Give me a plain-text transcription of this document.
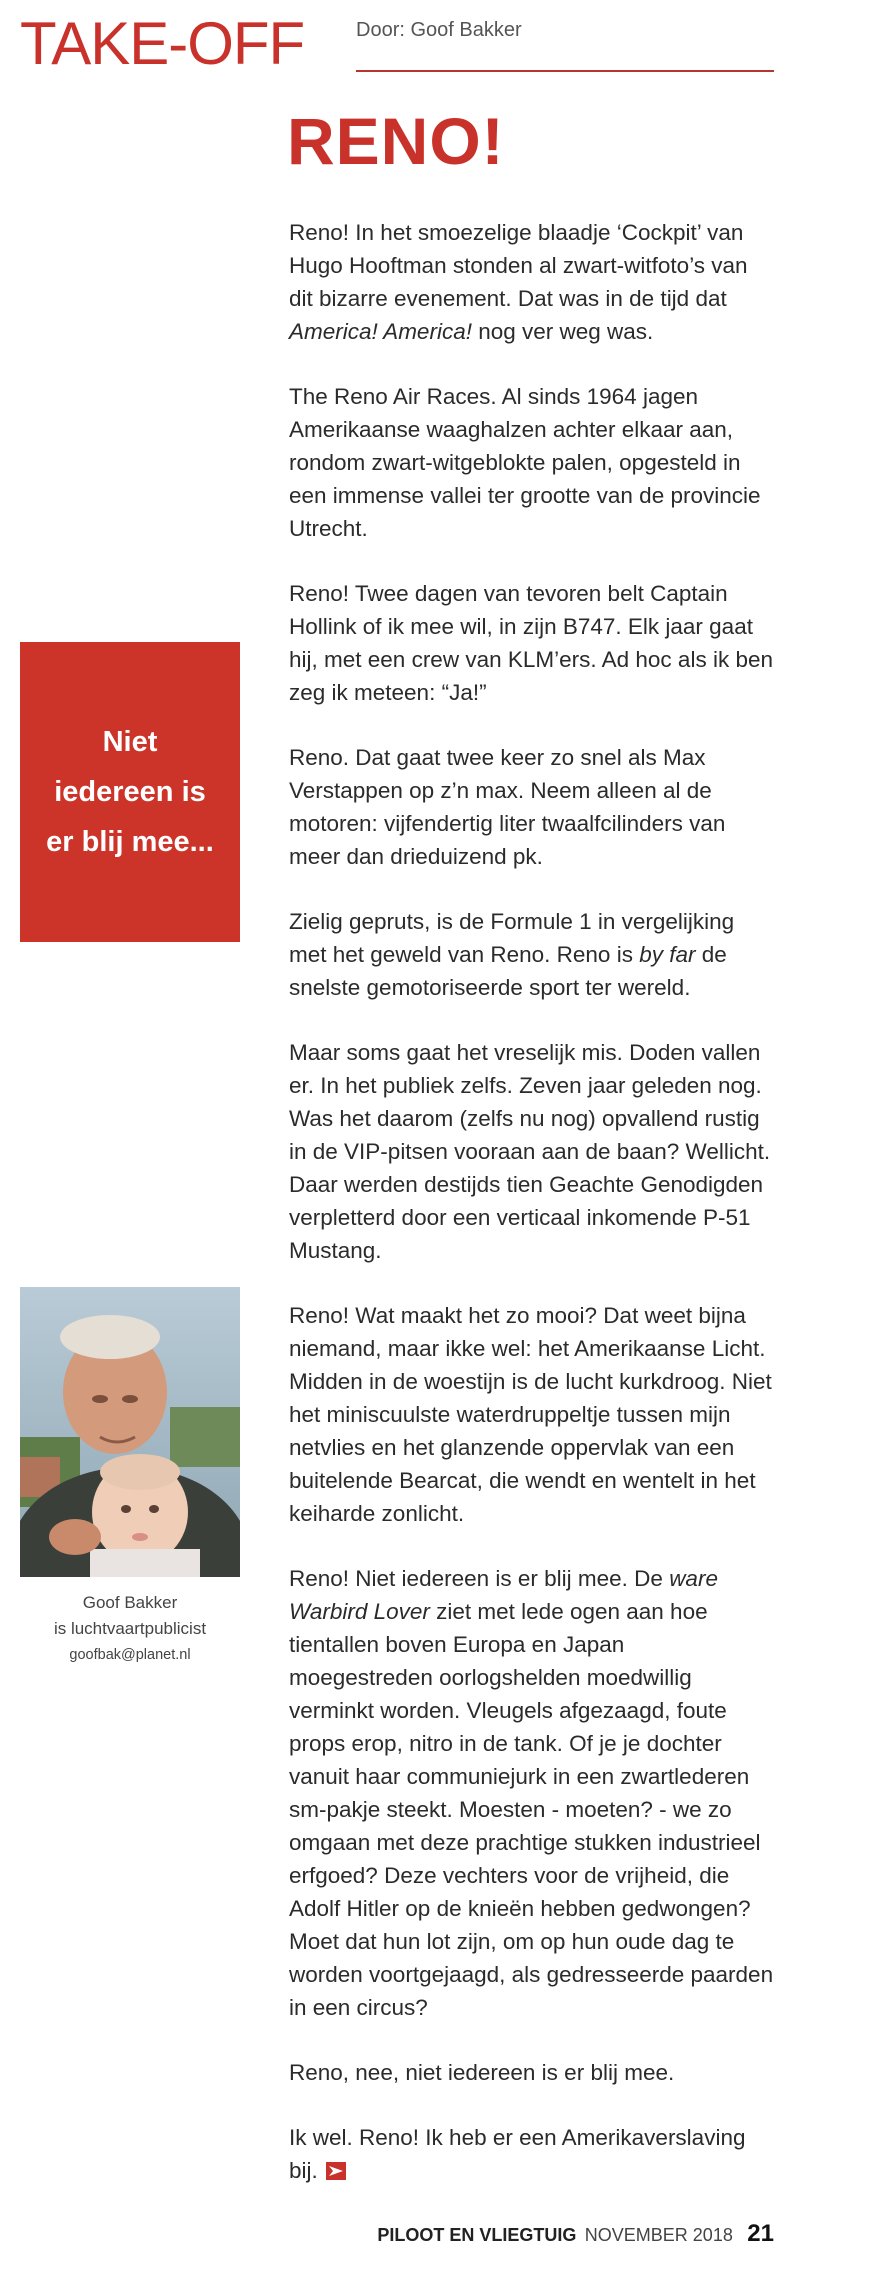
TAKE-OFF	Door: Goof Bakker
RENO!

Reno! In het smoezelige blaadje ‘Cockpit’ van Hugo Hooftman stonden al zwart-witfoto’s van dit bizarre evenement. Dat was in de tijd dat America! America! nog ver weg was.

The Reno Air Races. Al sinds 1964 jagen Amerikaanse waaghalzen achter elkaar aan, rondom zwart-witgeblokte palen, opgesteld in een immense vallei ter grootte van de provincie Utrecht.

Reno! Twee dagen van tevoren belt Captain Hollink of ik mee wil, in zijn B747. Elk jaar gaat hij, met een crew van KLM’ers. Ad hoc als ik ben zeg ik meteen: “Ja!”

Reno. Dat gaat twee keer zo snel als Max Verstappen op z’n max. Neem alleen al de motoren: vijfendertig liter twaalfcilinders van meer dan drieduizend pk.

Zielig gepruts, is de Formule 1 in vergelijking met het geweld van Reno. Reno is by far de snelste gemotoriseerde sport ter wereld.

Maar soms gaat het vreselijk mis. Doden vallen er. In het publiek zelfs. Zeven jaar geleden nog. Was het daarom (zelfs nu nog) opvallend rustig in de VIP-pitsen vooraan aan de baan? Wellicht. Daar werden destijds tien Geachte Genodigden verpletterd door een verticaal inkomende P-51 Mustang.

Reno! Wat maakt het zo mooi? Dat weet bijna niemand, maar ikke wel: het Amerikaanse Licht. Midden in de woestijn is de lucht kurkdroog. Niet het miniscuulste waterdruppeltje tussen mijn netvlies en het glanzende oppervlak van een buitelende Bearcat, die wendt en wentelt in het keiharde zonlicht.

Reno! Niet iedereen is er blij mee. De ware Warbird Lover ziet met lede ogen aan hoe tientallen boven Europa en Japan moegestreden oorlogshelden moedwillig verminkt worden. Vleugels afgezaagd, foute props erop, nitro in de tank. Of je je dochter vanuit haar communiejurk in een zwartlederen sm-pakje steekt. Moesten - moeten? - we zo omgaan met deze prachtige stukken industrieel erfgoed? Deze vechters voor de vrijheid, die Adolf Hitler op de knieën hebben gedwongen? Moet dat hun lot zijn, om op hun oude dag te worden voortgejaagd, als gedresseerde paarden in een circus?

Reno, nee, niet iedereen is er blij mee.

Ik wel. Reno! Ik heb er een Amerikaverslaving bij.

Niet
iedereen is
er blij mee...
Goof Bakker
is luchtvaartpublicist
goofbak@planet.nl
PILOOT EN VLIEGTUIG NOVEMBER 2018 21
